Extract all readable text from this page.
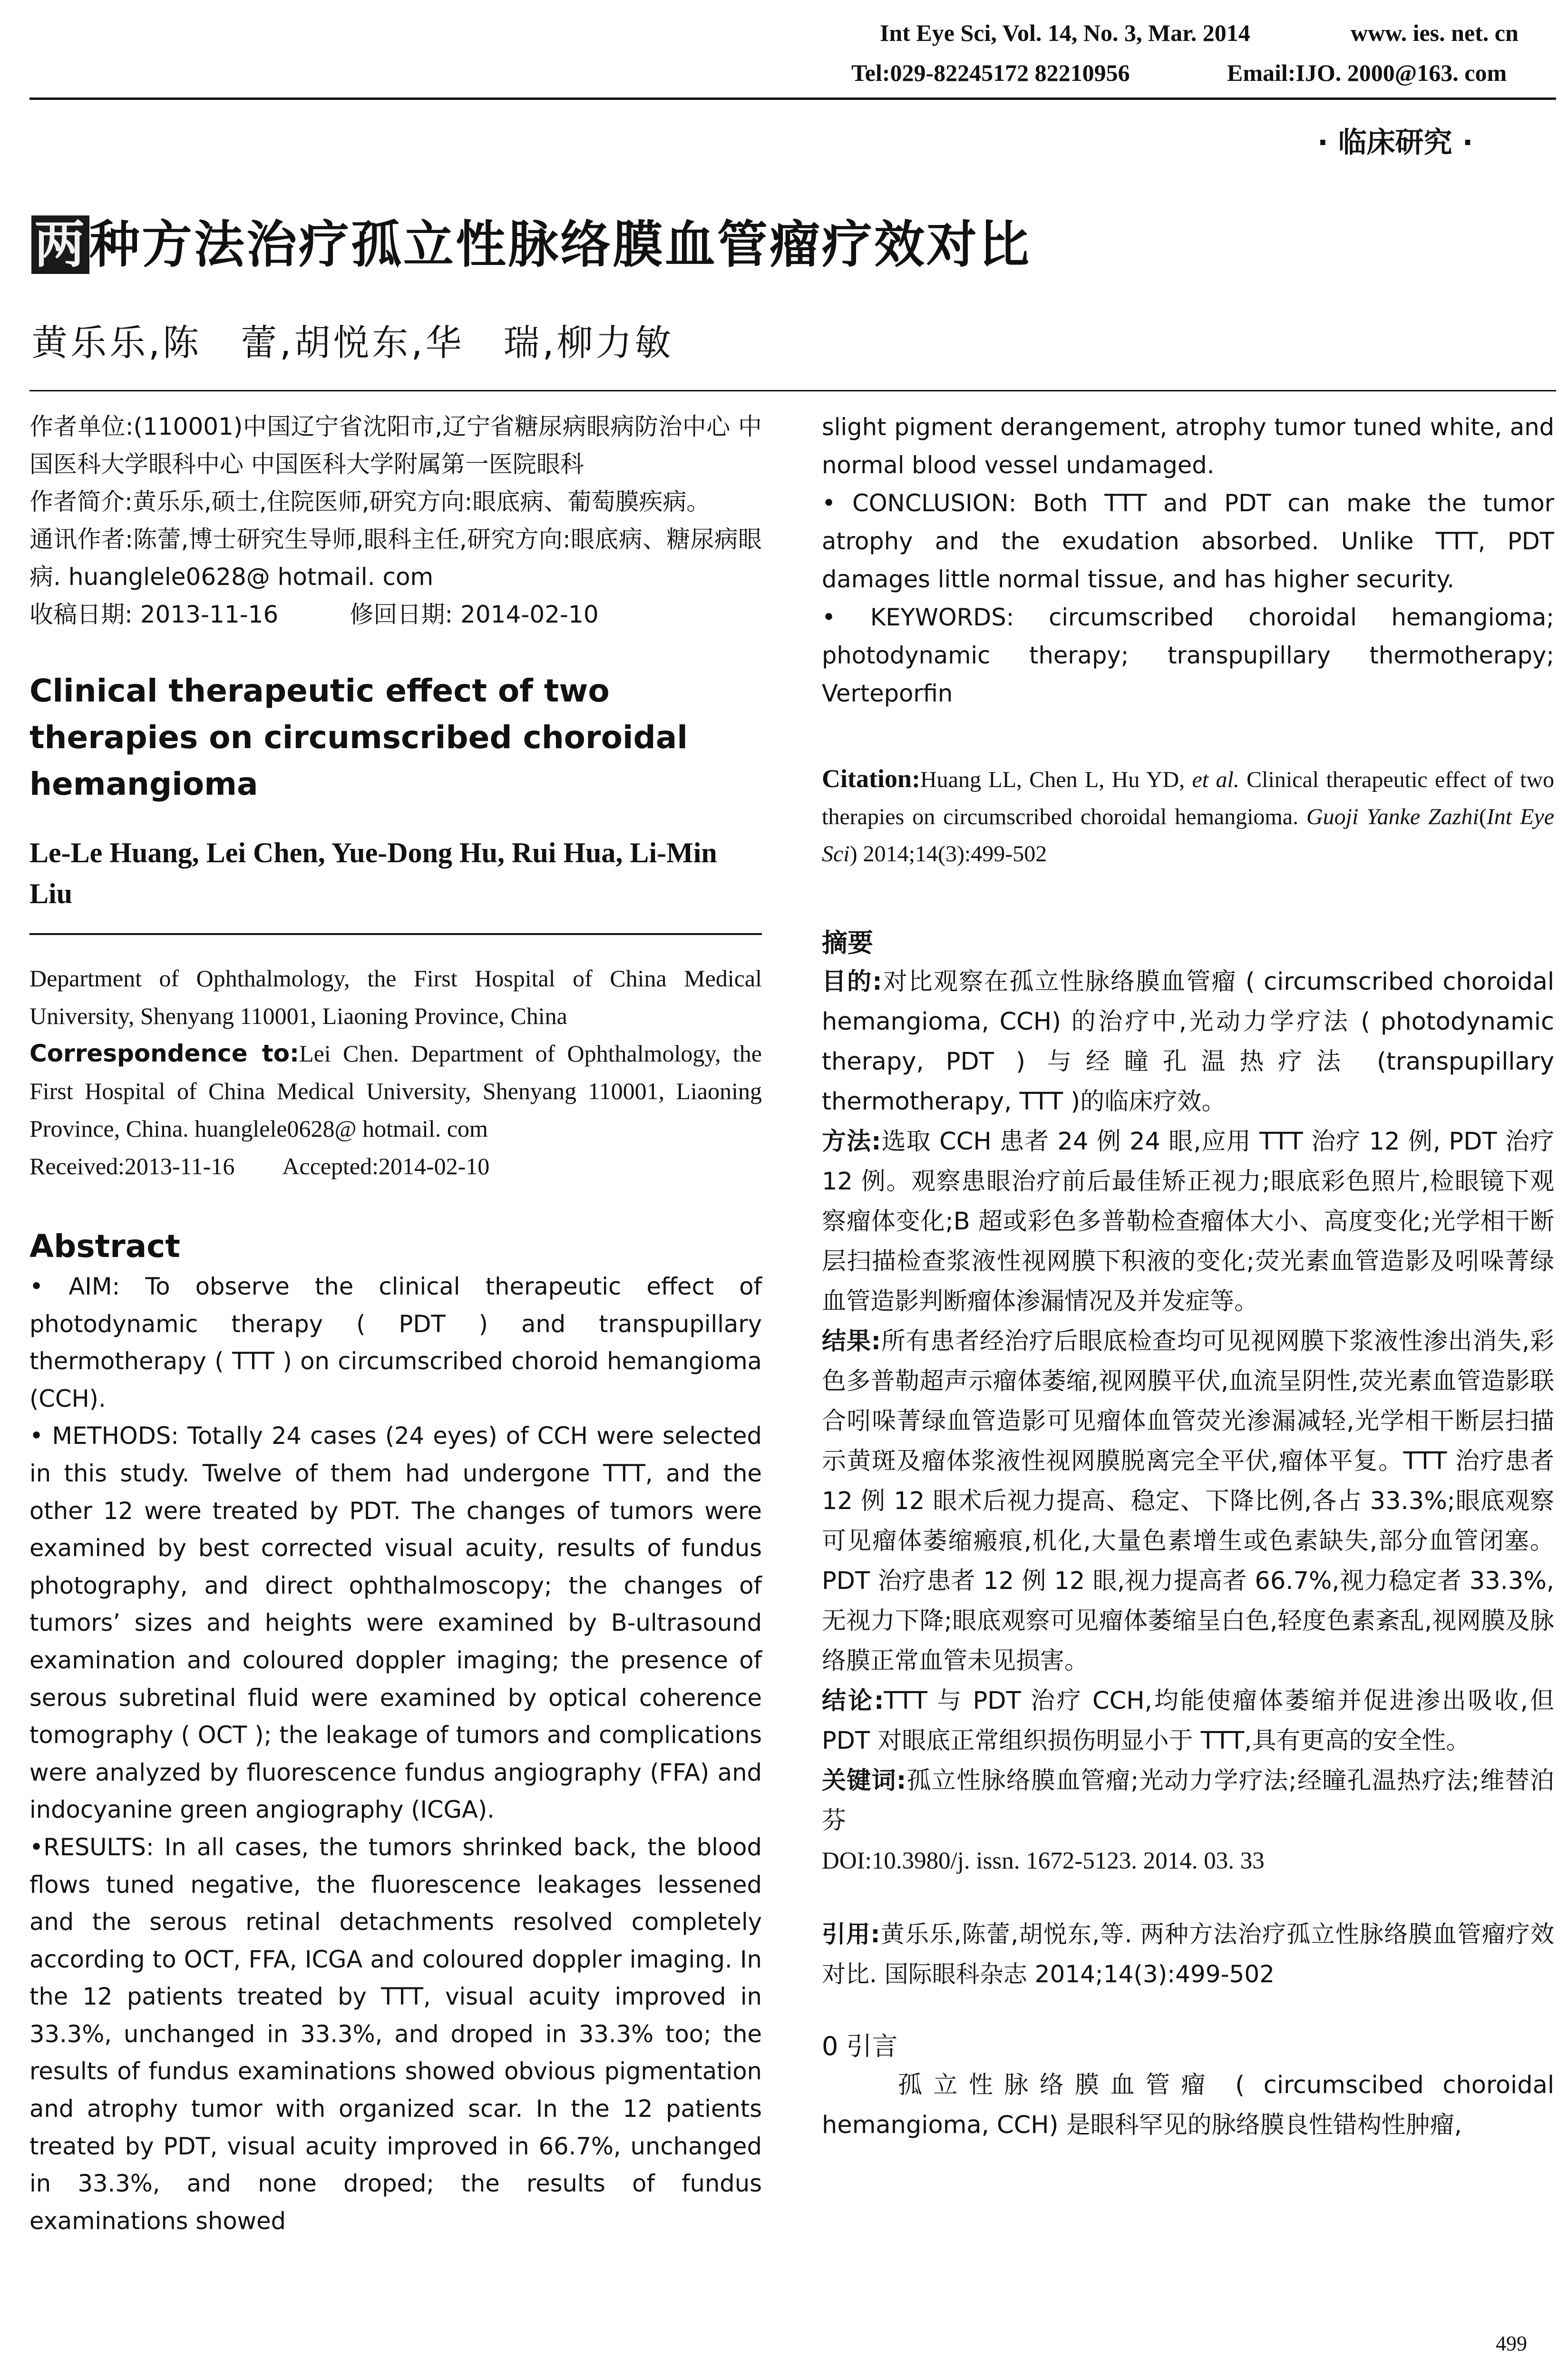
Int Eye Sci, Vol. 14, No. 3, Mar. 2014	www. ies. net. cn
Tel:029-82245172 82210956	Email:IJO. 2000@163. com
· 临床研究 ·
两种方法治疗孤立性脉络膜血管瘤疗效对比
黄乐乐,陈　蕾,胡悦东,华　瑞,柳力敏

作者单位:(110001)中国辽宁省沈阳市,辽宁省糖尿病眼病防治中心 中国医科大学眼科中心 中国医科大学附属第一医院眼科

作者简介:黄乐乐,硕士,住院医师,研究方向:眼底病、葡萄膜疾病。

通讯作者:陈蕾,博士研究生导师,眼科主任,研究方向:眼底病、糖尿病眼病. huanglele0628@ hotmail. com

收稿日期: 2013-11-16　　　修回日期: 2014-02-10

Clinical therapeutic effect of two therapies on circumscribed choroidal hemangioma
Le-Le Huang, Lei Chen, Yue-Dong Hu, Rui Hua, Li-Min Liu

Department of Ophthalmology, the First Hospital of China Medical University, Shenyang 110001, Liaoning Province, China

Correspondence to:Lei Chen. Department of Ophthalmology, the First Hospital of China Medical University, Shenyang 110001, Liaoning Province, China. huanglele0628@ hotmail. com

Received:2013-11-16　　Accepted:2014-02-10

Abstract

• AIM: To observe the clinical therapeutic effect of photodynamic therapy ( PDT ) and transpupillary thermotherapy ( TTT ) on circumscribed choroid hemangioma (CCH).

• METHODS: Totally 24 cases (24 eyes) of CCH were selected in this study. Twelve of them had undergone TTT, and the other 12 were treated by PDT. The changes of tumors were examined by best corrected visual acuity, results of fundus photography, and direct ophthalmoscopy; the changes of tumors’ sizes and heights were examined by B-ultrasound examination and coloured doppler imaging; the presence of serous subretinal fluid were examined by optical coherence tomography ( OCT ); the leakage of tumors and complications were analyzed by fluorescence fundus angiography (FFA) and indocyanine green angiography (ICGA).

•RESULTS: In all cases, the tumors shrinked back, the blood flows tuned negative, the fluorescence leakages lessened and the serous retinal detachments resolved completely according to OCT, FFA, ICGA and coloured doppler imaging. In the 12 patients treated by TTT, visual acuity improved in 33.3%, unchanged in 33.3%, and droped in 33.3% too; the results of fundus examinations showed obvious pigmentation and atrophy tumor with organized scar. In the 12 patients treated by PDT, visual acuity improved in 66.7%, unchanged in 33.3%, and none droped; the results of fundus examinations showed

slight pigment derangement, atrophy tumor tuned white, and normal blood vessel undamaged.

• CONCLUSION: Both TTT and PDT can make the tumor atrophy and the exudation absorbed. Unlike TTT, PDT damages little normal tissue, and has higher security.

• KEYWORDS: circumscribed choroidal hemangioma; photodynamic therapy; transpupillary thermotherapy; Verteporfin

Citation:Huang LL, Chen L, Hu YD, et al. Clinical therapeutic effect of two therapies on circumscribed choroidal hemangioma. Guoji Yanke Zazhi(Int Eye Sci) 2014;14(3):499-502
摘要

目的:对比观察在孤立性脉络膜血管瘤 ( circumscribed choroidal hemangioma, CCH) 的治疗中,光动力学疗法 ( photodynamic therapy, PDT ) 与经瞳孔温热疗法 (transpupillary thermotherapy, TTT )的临床疗效。

方法:选取 CCH 患者 24 例 24 眼,应用 TTT 治疗 12 例, PDT 治疗 12 例。观察患眼治疗前后最佳矫正视力;眼底彩色照片,检眼镜下观察瘤体变化;B 超或彩色多普勒检查瘤体大小、高度变化;光学相干断层扫描检查浆液性视网膜下积液的变化;荧光素血管造影及吲哚菁绿血管造影判断瘤体渗漏情况及并发症等。

结果:所有患者经治疗后眼底检查均可见视网膜下浆液性渗出消失,彩色多普勒超声示瘤体萎缩,视网膜平伏,血流呈阴性,荧光素血管造影联合吲哚菁绿血管造影可见瘤体血管荧光渗漏减轻,光学相干断层扫描示黄斑及瘤体浆液性视网膜脱离完全平伏,瘤体平复。TTT 治疗患者 12 例 12 眼术后视力提高、稳定、下降比例,各占 33.3%;眼底观察可见瘤体萎缩瘢痕,机化,大量色素增生或色素缺失,部分血管闭塞。PDT 治疗患者 12 例 12 眼,视力提高者 66.7%,视力稳定者 33.3%,无视力下降;眼底观察可见瘤体萎缩呈白色,轻度色素紊乱,视网膜及脉络膜正常血管未见损害。

结论:TTT 与 PDT 治疗 CCH,均能使瘤体萎缩并促进渗出吸收,但 PDT 对眼底正常组织损伤明显小于 TTT,具有更高的安全性。

关键词:孤立性脉络膜血管瘤;光动力学疗法;经瞳孔温热疗法;维替泊芬

DOI:10.3980/j. issn. 1672-5123. 2014. 03. 33

引用:黄乐乐,陈蕾,胡悦东,等. 两种方法治疗孤立性脉络膜血管瘤疗效对比. 国际眼科杂志 2014;14(3):499-502
0 引言
孤立性脉络膜血管瘤 ( circumscibed choroidal hemangioma, CCH) 是眼科罕见的脉络膜良性错构性肿瘤,
499
